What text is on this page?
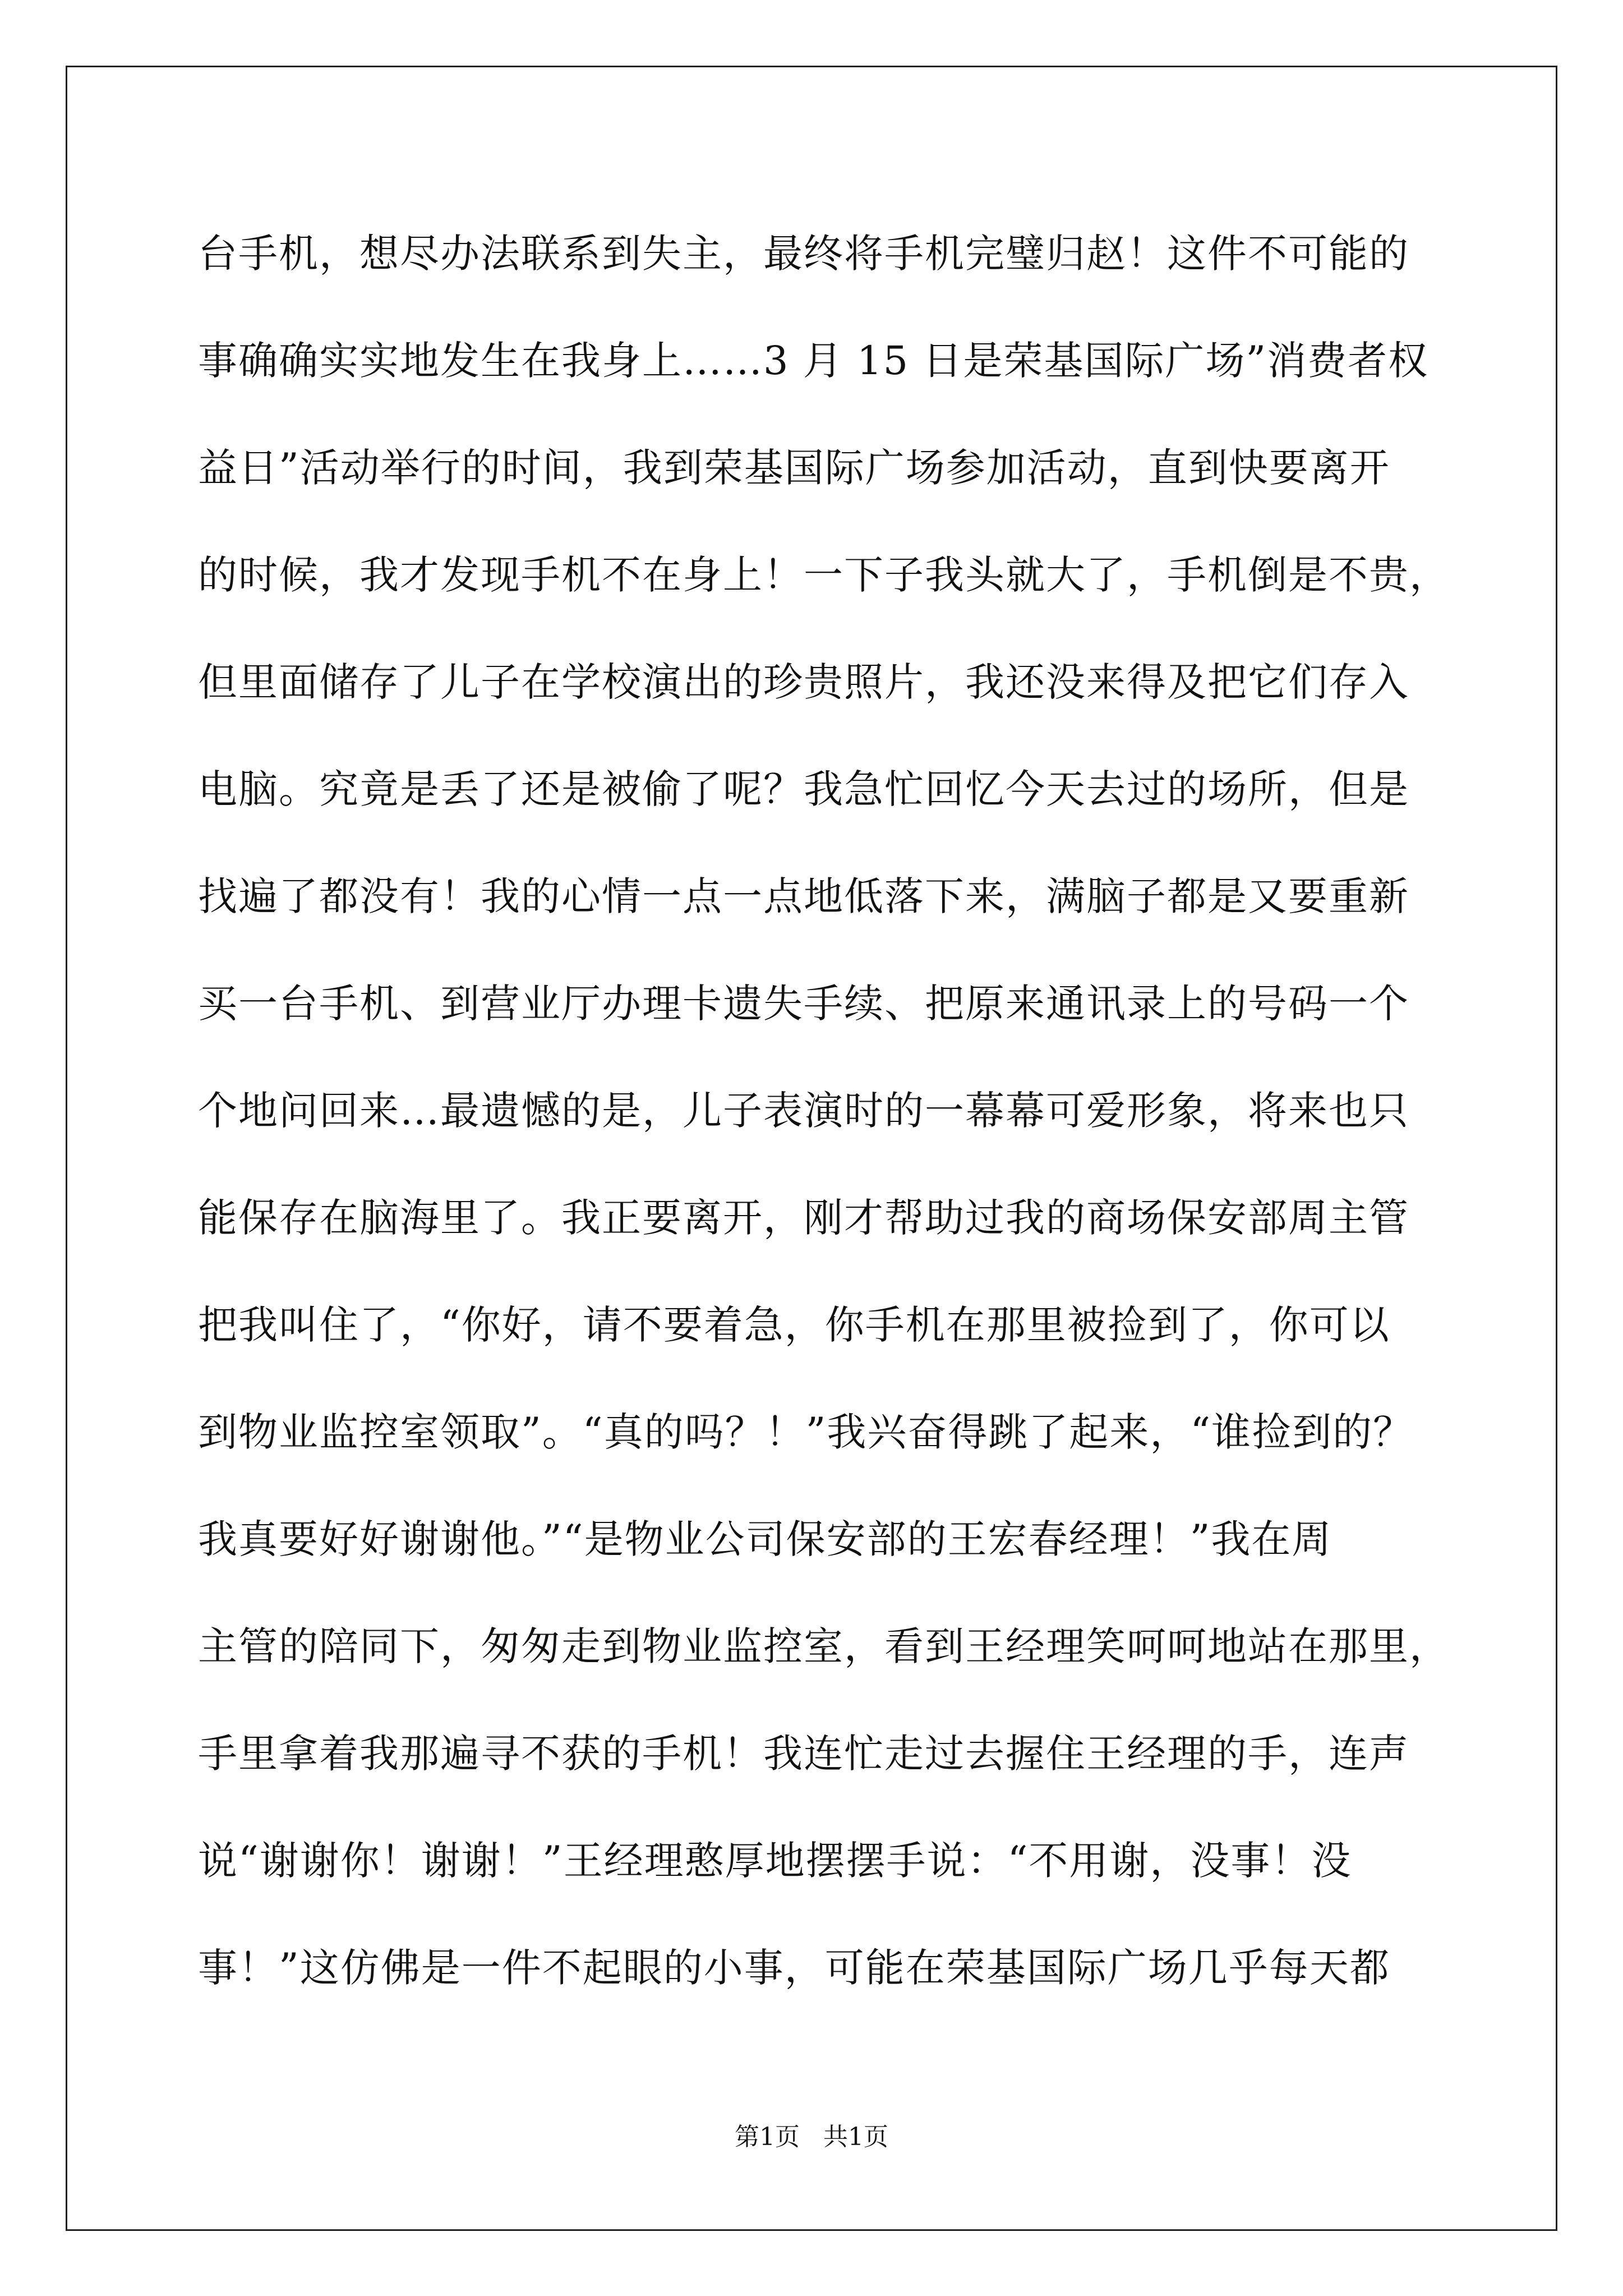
台手机，想尽办法联系到失主，最终将手机完璧归赵！这件不可能的
事确确实实地发生在我身上……3 月 15 日是荣基国际广场”消费者权
益日”活动举行的时间，我到荣基国际广场参加活动，直到快要离开
的时候，我才发现手机不在身上！一下子我头就大了，手机倒是不贵，
但里面储存了儿子在学校演出的珍贵照片，我还没来得及把它们存入
电脑。究竟是丢了还是被偷了呢？我急忙回忆今天去过的场所，但是
找遍了都没有！我的心情一点一点地低落下来，满脑子都是又要重新
买一台手机、到营业厅办理卡遗失手续、把原来通讯录上的号码一个
个地问回来…最遗憾的是，儿子表演时的一幕幕可爱形象，将来也只
能保存在脑海里了。我正要离开，刚才帮助过我的商场保安部周主管
把我叫住了，“你好，请不要着急，你手机在那里被捡到了，你可以
到物业监控室领取”。“真的吗？！”我兴奋得跳了起来，“谁捡到的？
我真要好好谢谢他。”“是物业公司保安部的王宏春经理！”我在周
主管的陪同下，匆匆走到物业监控室，看到王经理笑呵呵地站在那里，
手里拿着我那遍寻不获的手机！我连忙走过去握住王经理的手，连声
说“谢谢你！谢谢！”王经理憨厚地摆摆手说：“不用谢，没事！没
事！”这仿佛是一件不起眼的小事，可能在荣基国际广场几乎每天都
第1页   共1页
